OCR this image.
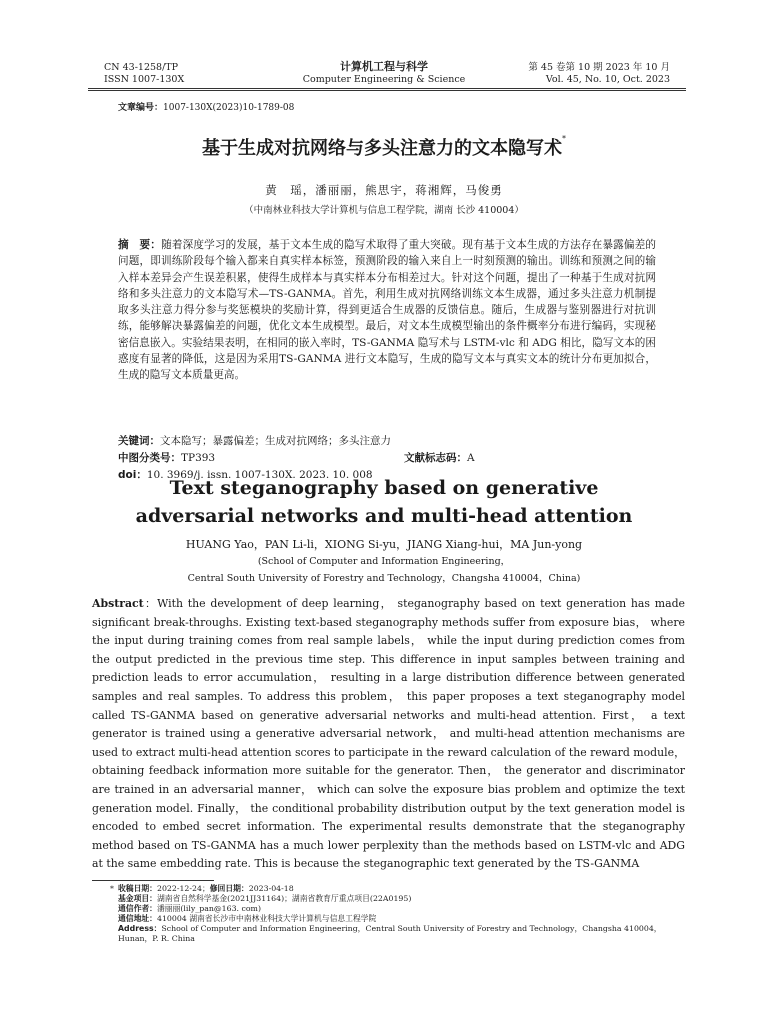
CN 43-1258/TP
ISSN 1007-130X
计算机工程与科学
Computer Engineering & Science
第 45 卷第 10 期 2023 年 10 月
Vol. 45, No. 10, Oct. 2023
文章编号：1007-130X(2023)10-1789-08
基于生成对抗网络与多头注意力的文本隐写术*
黄　瑶，潘丽丽，熊思宇，蒋湘辉，马俊勇
（中南林业科技大学计算机与信息工程学院，湖南 长沙 410004）
摘　要：随着深度学习的发展，基于文本生成的隐写术取得了重大突破。现有基于文本生成的方法存在暴露偏差的问题，即训练阶段每个输入都来自真实样本标签，预测阶段的输入来自上一时刻预测的输出。训练和预测之间的输入样本差异会产生误差积累，使得生成样本与真实样本分布相差过大。针对这个问题，提出了一种基于生成对抗网络和多头注意力的文本隐写术—TS-GANMA。首先，利用生成对抗网络训练文本生成器，通过多头注意力机制提取多头注意力得分参与奖惩模块的奖励计算，得到更适合生成器的反馈信息。随后，生成器与鉴别器进行对抗训练，能够解决暴露偏差的问题，优化文本生成模型。最后，对文本生成模型输出的条件概率分布进行编码，实现秘密信息嵌入。实验结果表明，在相同的嵌入率时，TS-GANMA 隐写术与 LSTM-vlc 和 ADG 相比，隐写文本的困惑度有显著的降低，这是因为采用TS-GANMA 进行文本隐写，生成的隐写文本与真实文本的统计分布更加拟合，生成的隐写文本质量更高。
关键词：文本隐写；暴露偏差；生成对抗网络；多头注意力
中图分类号：TP393	文献标志码：A
doi：10. 3969/j. issn. 1007-130X. 2023. 10. 008
Text steganography based on generative
adversarial networks and multi-head attention
HUANG Yao，PAN Li-li，XIONG Si-yu，JIANG Xiang-hui，MA Jun-yong
(School of Computer and Information Engineering，
Central South University of Forestry and Technology，Changsha 410004，China)
Abstract：With the development of deep learning， steganography based on text generation has made significant break-throughs. Existing text-based steganography methods suffer from exposure bias， where the input during training comes from real sample labels， while the input during prediction comes from the output predicted in the previous time step. This difference in input samples between training and prediction leads to error accumulation， resulting in a large distribution difference between generated samples and real samples. To address this problem， this paper proposes a text steganography model called TS-GANMA based on generative adversarial networks and multi-head attention. First， a text generator is trained using a generative adversarial network， and multi-head attention mechanisms are used to extract multi-head attention scores to participate in the reward calculation of the reward module， obtaining feedback information more suitable for the generator. Then， the generator and discriminator are trained in an adversarial manner， which can solve the exposure bias problem and optimize the text generation model. Finally， the conditional probability distribution output by the text generation model is encoded to embed secret information. The experimental results demonstrate that the steganography method based on TS-GANMA has a much lower perplexity than the methods based on LSTM-vlc and ADG at the same embedding rate. This is because the steganographic text generated by the TS-GANMA
* 收稿日期：2022-12-24；修回日期：2023-04-18
基金项目：湖南省自然科学基金(2021JJ31164)；湖南省教育厅重点项目(22A0195)
通信作者：潘丽丽(lily_pan@163. com)
通信地址：410004 湖南省长沙市中南林业科技大学计算机与信息工程学院
Address：School of Computer and Information Engineering，Central South University of Forestry and Technology，Changsha 410004，Hunan，P. R. China
